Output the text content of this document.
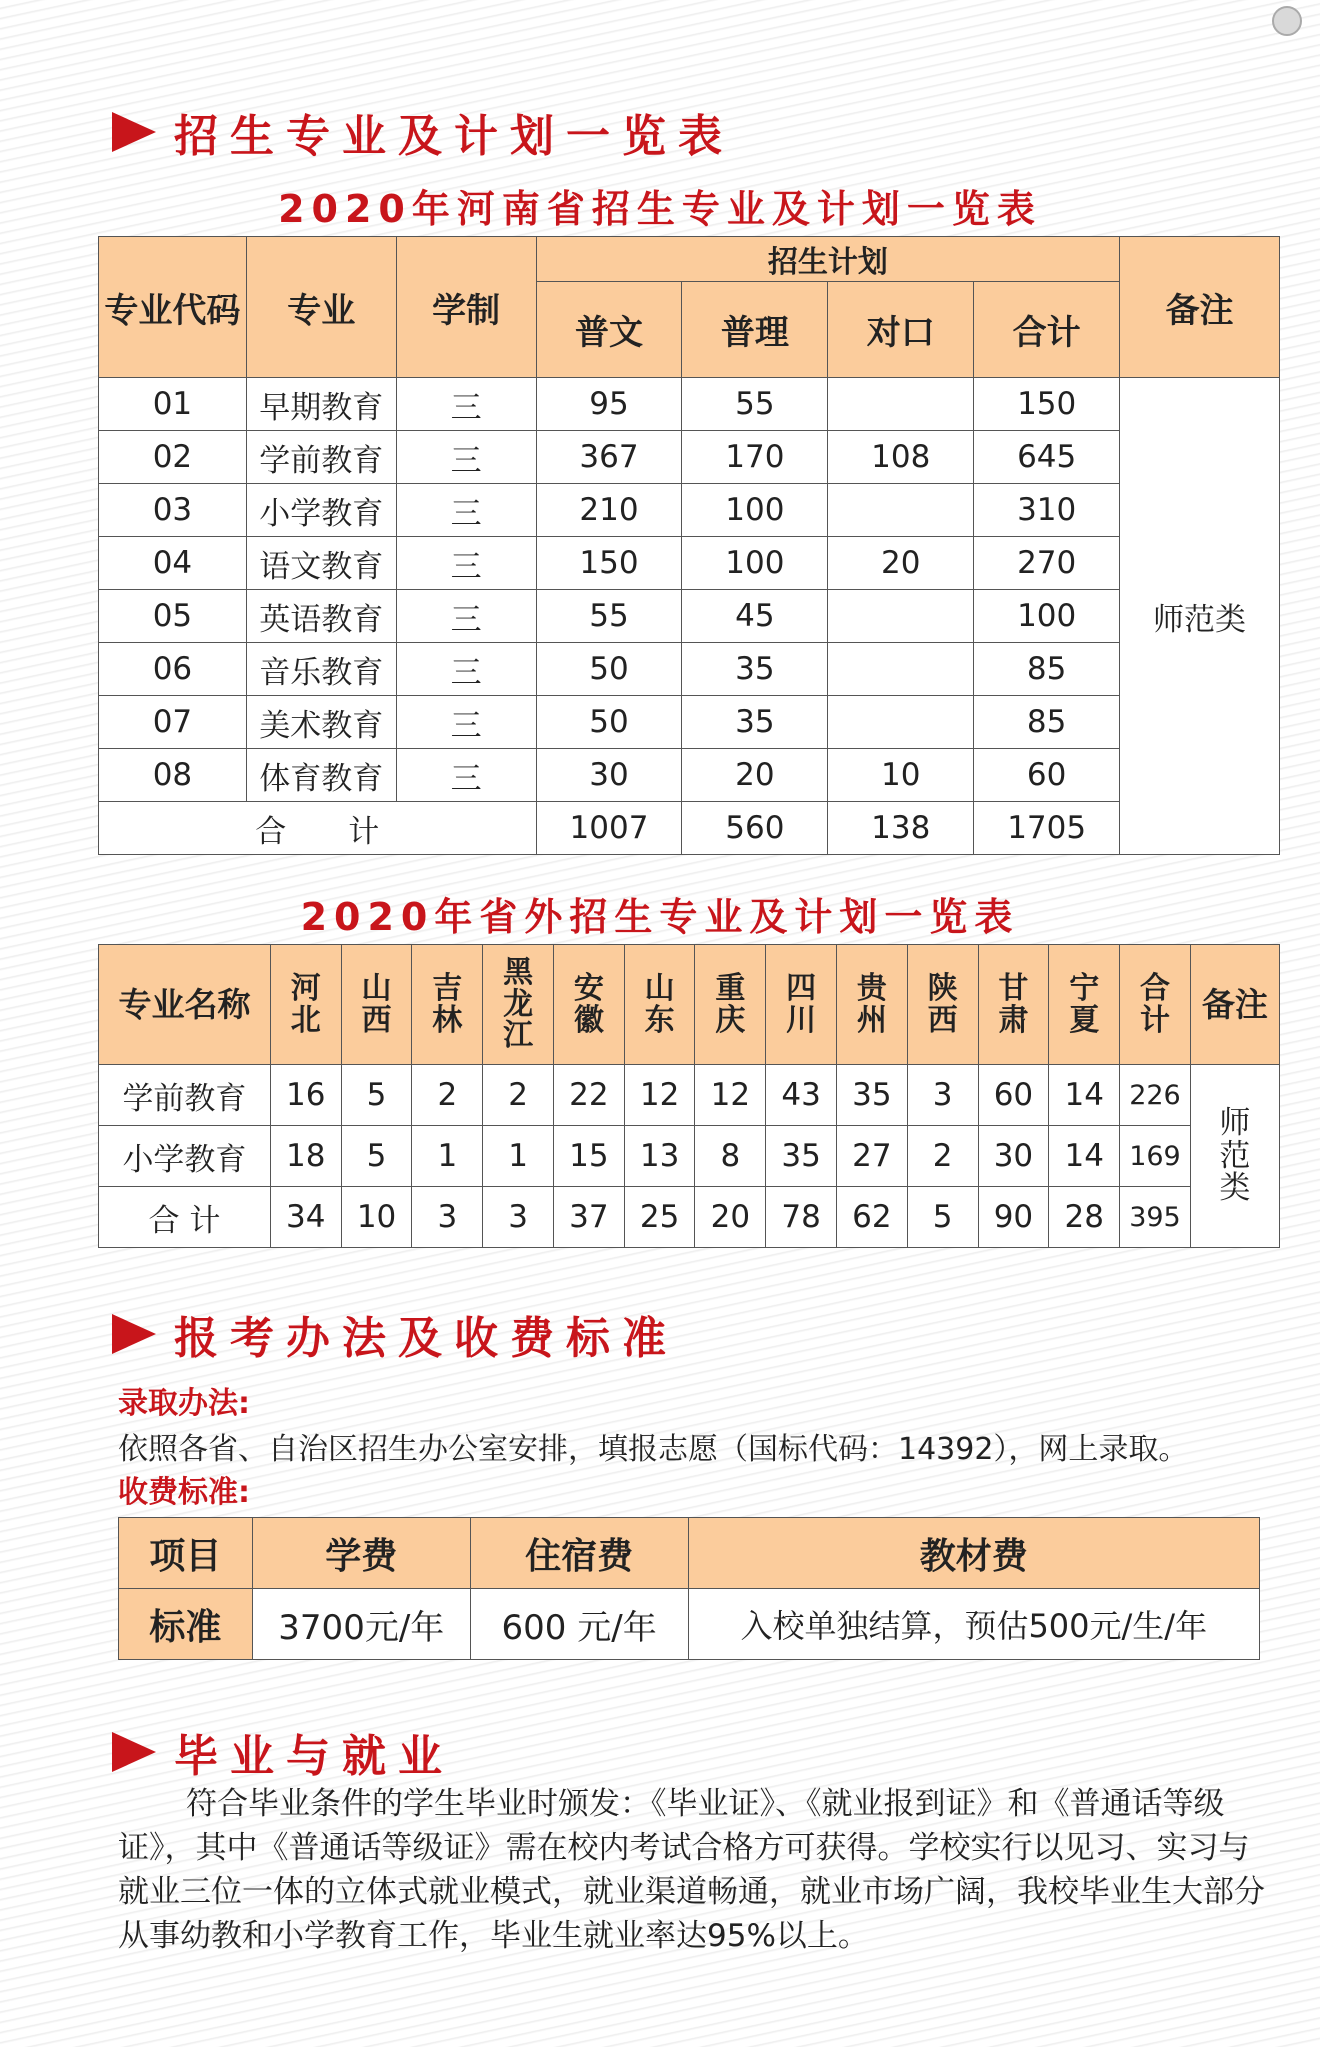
招生专业及计划一览表
2020年河南省招生专业及计划一览表
专业代码	专业	学制	招生计划				备注
			普文	普理	对口	合计	
01	早期教育	三	95	55		150	师范类
02	学前教育	三	367	170	108	645	
03	小学教育	三	210	100		310	
04	语文教育	三	150	100	20	270	
05	英语教育	三	55	45		100	
06	音乐教育	三	50	35		85	
07	美术教育	三	50	35		85	
08	体育教育	三	30	20	10	60	
合　　计			1007	560	138	1705	
2020年省外招生专业及计划一览表
专业名称	河北	山西	吉林	黑龙江	安徽	山东	重庆	四川	贵州	陕西	甘肃	宁夏	合计	备注
学前教育	16	5	2	2	22	12	12	43	35	3	60	14	226	师范类

小学教育	18	5	1	1	15	13	8	35	27	2	30	14	169	
合 计	34	10	3	3	37	25	20	78	62	5	90	28	395	
报考办法及收费标准
录取办法:
依照各省、自治区招生办公室安排，填报志愿（国标代码：14392），网上录取。
收费标准:
项目	学费	住宿费	教材费
标准	3700元/年	600 元/年	入校单独结算，预估500元/生/年
毕业与就业
符合毕业条件的学生毕业时颁发：《毕业证》、《就业报到证》和《普通话等级证》，其中《普通话等级证》需在校内考试合格方可获得。学校实行以见习、实习与就业三位一体的立体式就业模式，就业渠道畅通，就业市场广阔，我校毕业生大部分从事幼教和小学教育工作，毕业生就业率达95%以上。
